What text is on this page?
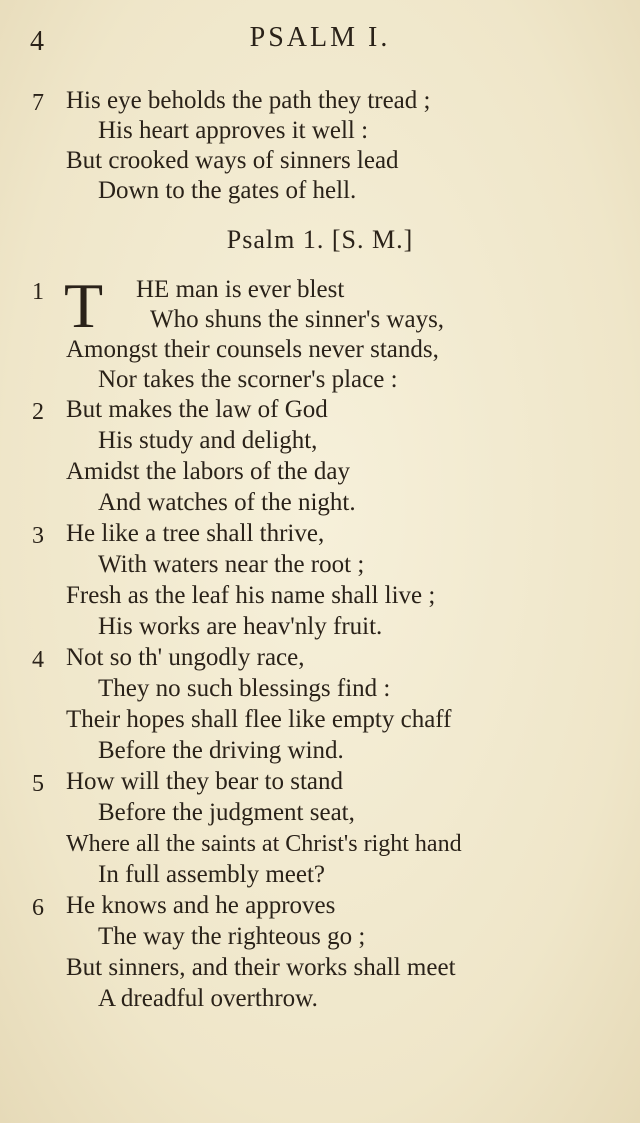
4	PSALM I.
7 His eye beholds the path they tread ;
His heart approves it well :
But crooked ways of sinners lead
Down to the gates of hell.
Psalm 1. [S. M.]
1 T HE man is ever blest
Who shuns the sinner's ways,
Amongst their counsels never stands,
Nor takes the scorner's place :
2 But makes the law of God
His study and delight,
Amidst the labors of the day
And watches of the night.
3 He like a tree shall thrive,
With waters near the root ;
Fresh as the leaf his name shall live ;
His works are heav'nly fruit.
4 Not so th' ungodly race,
They no such blessings find :
Their hopes shall flee like empty chaff
Before the driving wind.
5 How will they bear to stand
Before the judgment seat,
Where all the saints at Christ's right hand
In full assembly meet?
6 He knows and he approves
The way the righteous go ;
But sinners, and their works shall meet
A dreadful overthrow.
